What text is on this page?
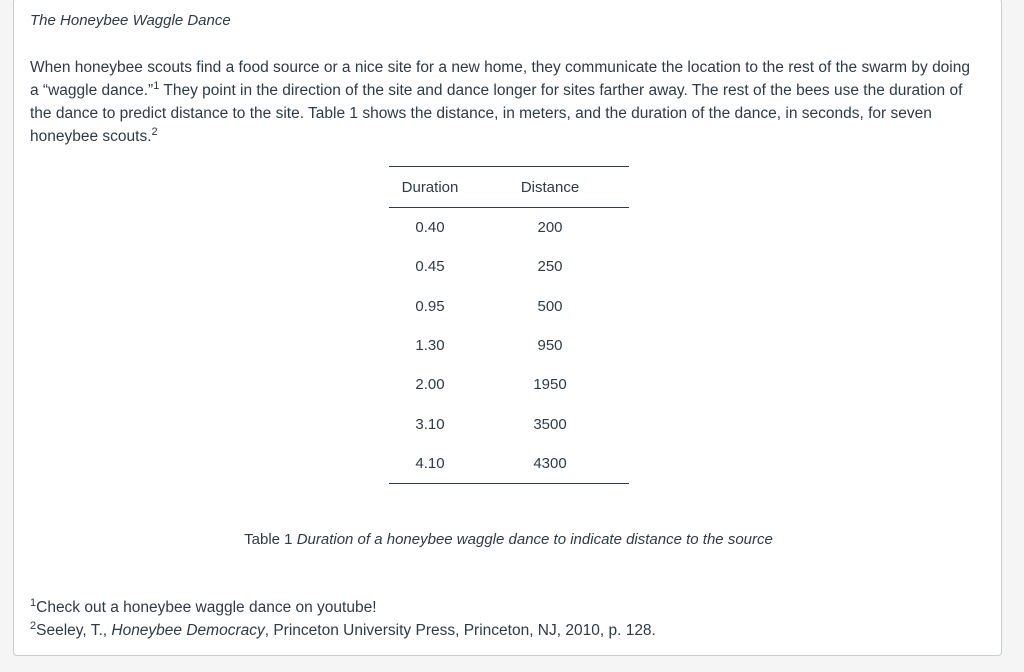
The Honeybee Waggle Dance
When honeybee scouts find a food source or a nice site for a new home, they communicate the location to the rest of the swarm by doing a “waggle dance.”$^1$ They point in the direction of the site and dance longer for sites farther away. The rest of the bees use the duration of the dance to predict distance to the site. Table 1 shows the distance, in meters, and the duration of the dance, in seconds, for seven honeybee scouts.$^2$
Duration	Distance
0.40	200
0.45	250
0.95	500
1.30	950
2.00	1950
3.10	3500
4.10	4300
Table 1 Duration of a honeybee waggle dance to indicate distance to the source
$^1$Check out a honeybee waggle dance on youtube!
$^2$Seeley, T., Honeybee Democracy, Princeton University Press, Princeton, NJ, 2010, p. 128.
